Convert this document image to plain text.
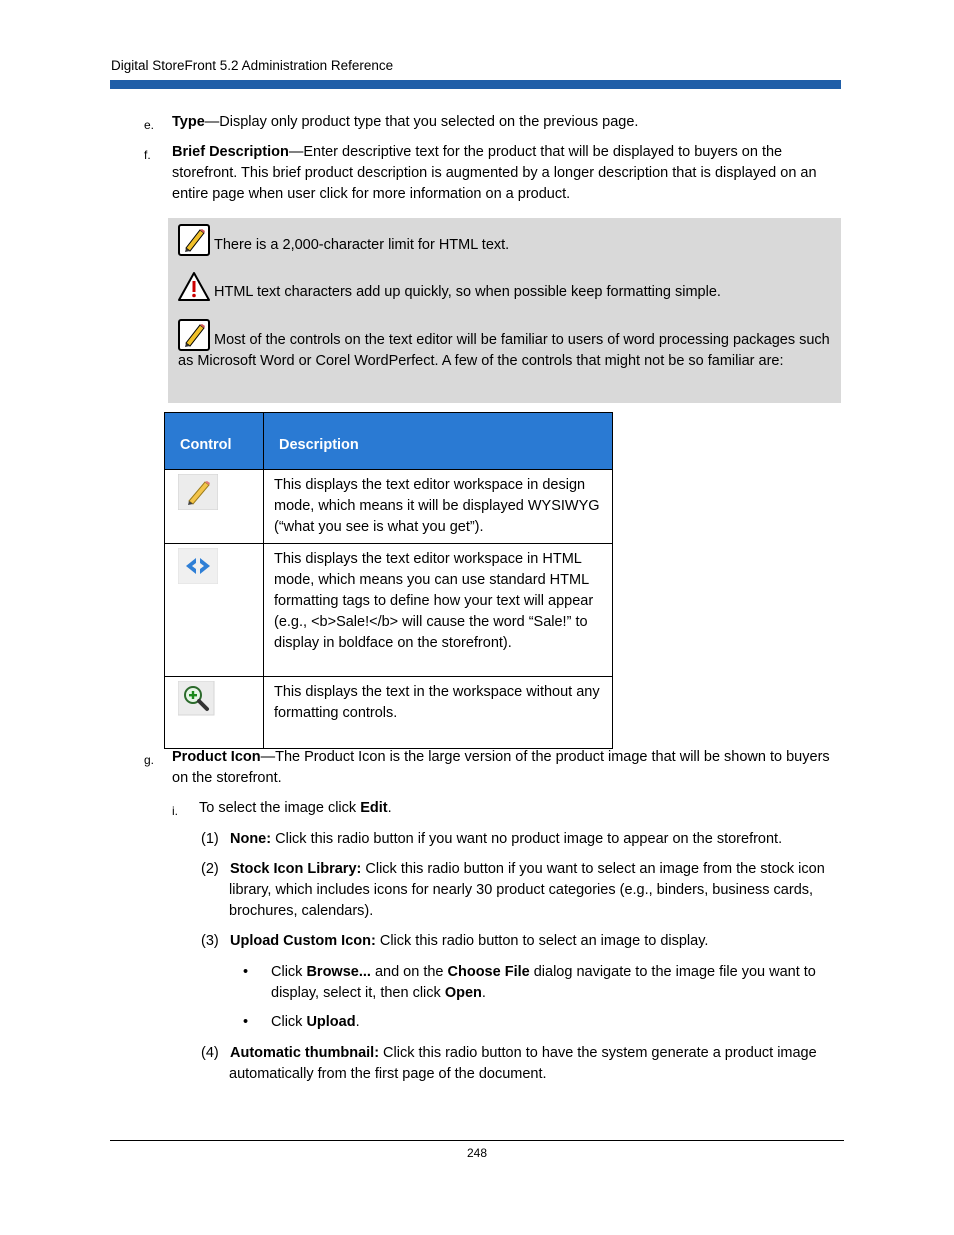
Digital StoreFront 5.2 Administration Reference
e. Type—Display only product type that you selected on the previous page.
f. Brief Description—Enter descriptive text for the product that will be displayed to buyers on the storefront. This brief product description is augmented by a longer description that is displayed on an entire page when user click for more information on a product.
There is a 2,000-character limit for HTML text.
HTML text characters add up quickly, so when possible keep formatting simple.
Most of the controls on the text editor will be familiar to users of word processing packages such as Microsoft Word or Corel WordPerfect. A few of the controls that might not be so familiar are:
Control	Description

	This displays the text editor workspace in design mode, which means it will be displayed WYSIWYG (“what you see is what you get”).

	This displays the text editor workspace in HTML mode, which means you can use standard HTML formatting tags to define how your text will appear (e.g., <b>Sale!</b> will cause the word “Sale!” to display in boldface on the storefront).

	This displays the text in the workspace without any formatting controls.
g. Product Icon—The Product Icon is the large version of the product image that will be shown to buyers on the storefront.
i. To select the image click Edit.
(1) None: Click this radio button if you want no product image to appear on the storefront.
(2) Stock Icon Library: Click this radio button if you want to select an image from the stock icon library, which includes icons for nearly 30 product categories (e.g., binders, business cards, brochures, calendars).
(3) Upload Custom Icon: Click this radio button to select an image to display.
• Click Browse... and on the Choose File dialog navigate to the image file you want to display, select it, then click Open.
• Click Upload.
(4) Automatic thumbnail: Click this radio button to have the system generate a product image automatically from the first page of the document.
248
